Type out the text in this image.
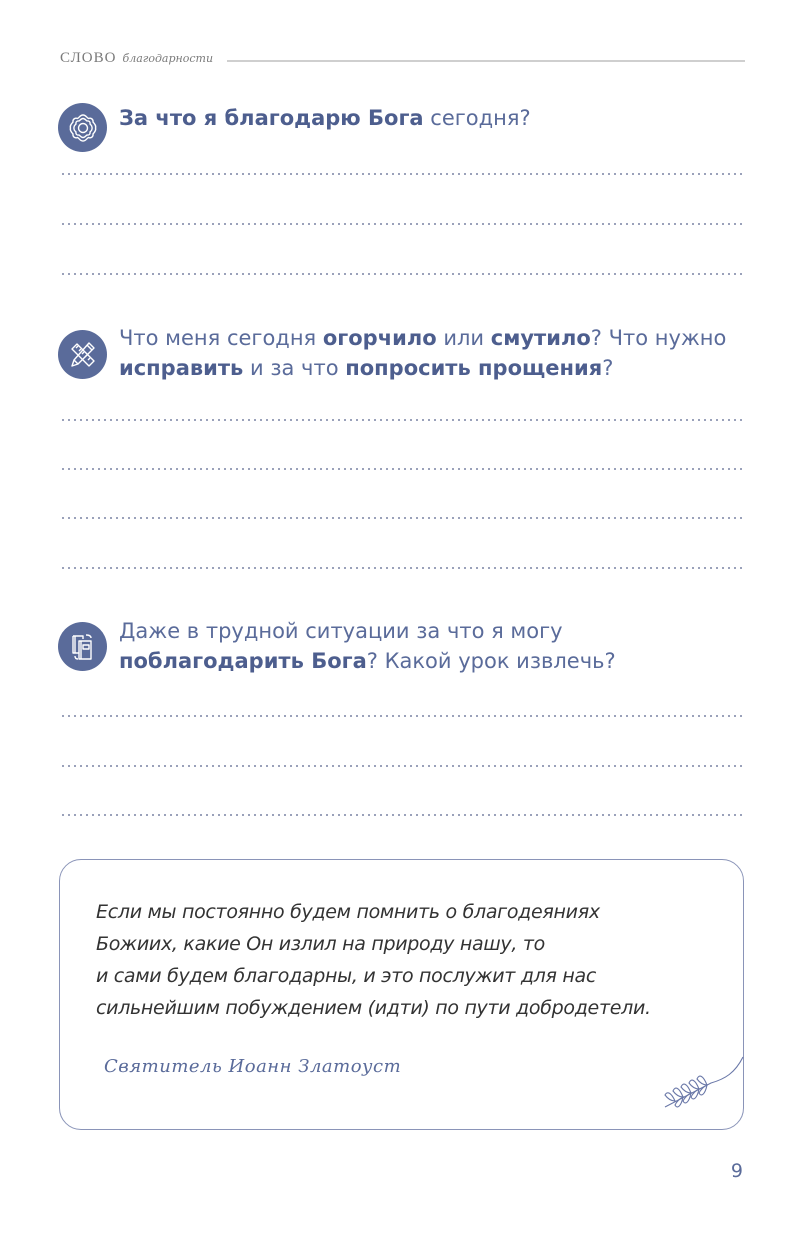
СЛОВО благодарности
За что я благодарю Бога сегодня?
Что меня сегодня огорчило или смутило? Что нужно
исправить и за что попросить прощения?
Даже в трудной ситуации за что я могу
поблагодарить Бога? Какой урок извлечь?
Если мы постоянно будем помнить о благодеяниях
Божиих, какие Он излил на природу нашу, то
и сами будем благодарны, и это послужит для нас
сильнейшим побуждением (идти) по пути добродетели.
Святитель Иоанн Златоуст
9
